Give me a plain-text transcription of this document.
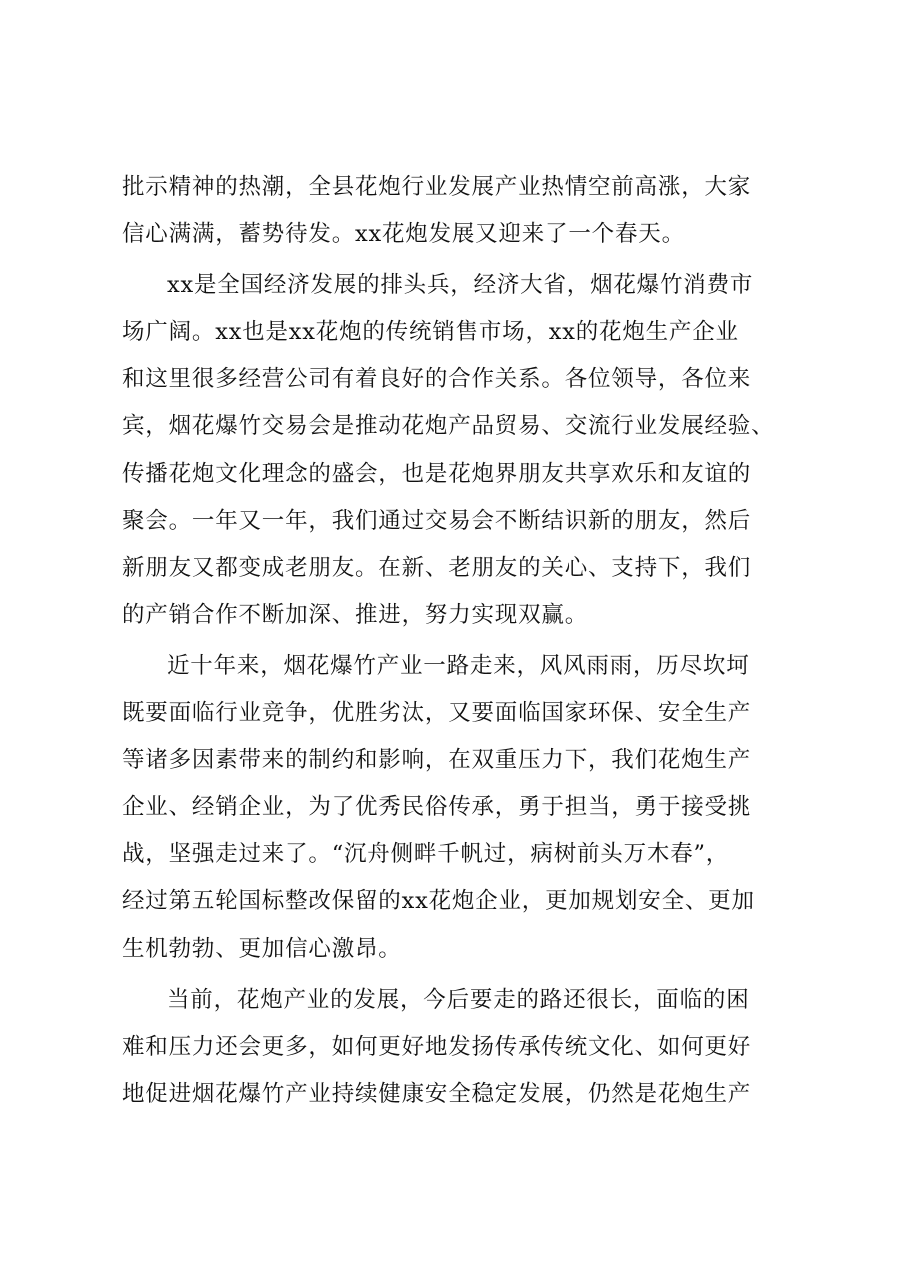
批示精神的热潮，全县花炮行业发展产业热情空前高涨，大家
信心满满，蓄势待发。xx花炮发展又迎来了一个春天。

xx是全国经济发展的排头兵，经济大省，烟花爆竹消费市
场广阔。xx也是xx花炮的传统销售市场，xx的花炮生产企业
和这里很多经营公司有着良好的合作关系。各位领导，各位来
宾，烟花爆竹交易会是推动花炮产品贸易、交流行业发展经验、
传播花炮文化理念的盛会，也是花炮界朋友共享欢乐和友谊的
聚会。一年又一年，我们通过交易会不断结识新的朋友，然后
新朋友又都变成老朋友。在新、老朋友的关心、支持下，我们
的产销合作不断加深、推进，努力实现双赢。

近十年来，烟花爆竹产业一路走来，风风雨雨，历尽坎坷
既要面临行业竞争，优胜劣汰，又要面临国家环保、安全生产
等诸多因素带来的制约和影响，在双重压力下，我们花炮生产
企业、经销企业，为了优秀民俗传承，勇于担当，勇于接受挑
战，坚强走过来了。“沉舟侧畔千帆过，病树前头万木春”，
经过第五轮国标整改保留的xx花炮企业，更加规划安全、更加
生机勃勃、更加信心激昂。

当前，花炮产业的发展，今后要走的路还很长，面临的困
难和压力还会更多，如何更好地发扬传承传统文化、如何更好
地促进烟花爆竹产业持续健康安全稳定发展，仍然是花炮生产
